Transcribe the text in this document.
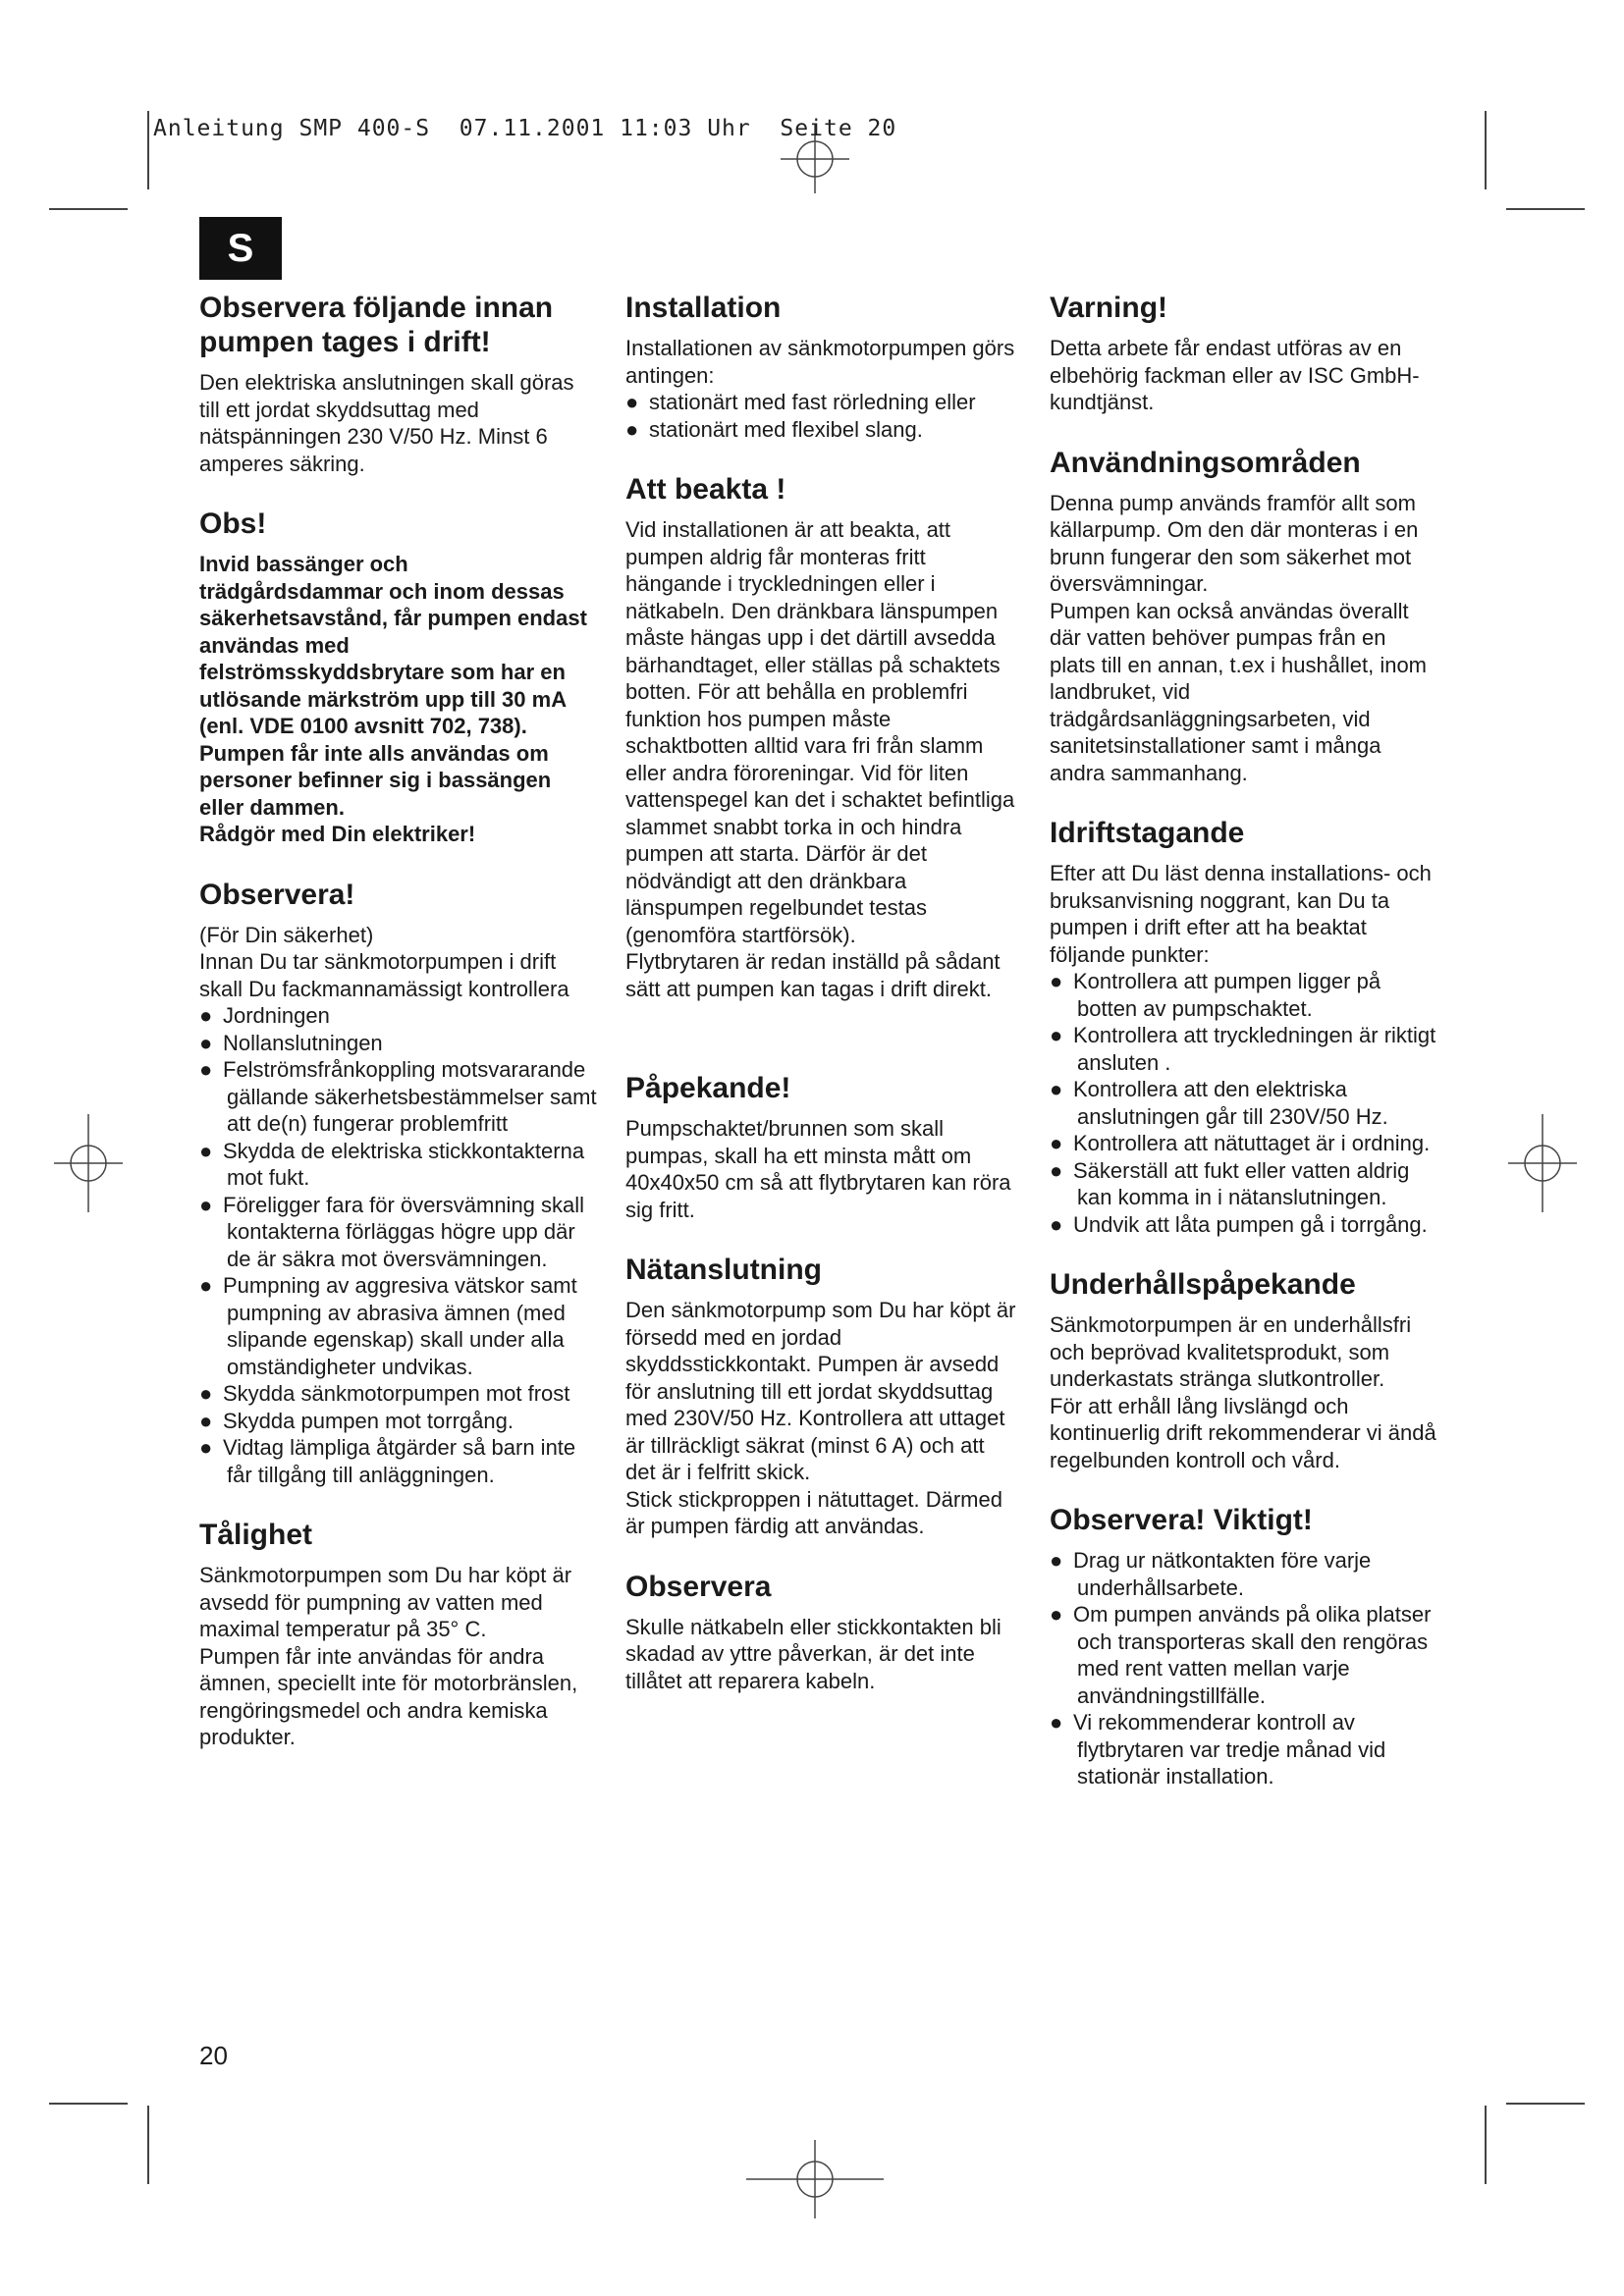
Anleitung SMP 400-S  07.11.2001 11:03 Uhr  Seite 20
S
Observera följande innan pumpen tages i drift!

Den elektriska anslutningen skall göras till ett jordat skyddsuttag med nätspänningen 230 V/50 Hz. Minst 6 amperes säkring.

Obs!

Invid bassänger och trädgårdsdammar och inom dessas säkerhetsavstånd, får pumpen endast användas med felströmsskyddsbrytare som har en utlösande märkström upp till 30 mA (enl. VDE 0100 avsnitt 702, 738). Pumpen får inte alls användas om personer befinner sig i bassängen eller dammen.

Rådgör med Din elektriker!

Observera!

(För Din säkerhet)

Innan Du tar sänkmotorpumpen i drift skall Du fackmannamässigt kontrollera

● Jordningen
● Nollanslutningen
● Felströmsfrånkoppling motsvararande gällande säkerhetsbestämmelser samt att de(n) fungerar problemfritt
● Skydda de elektriska stickkontakterna mot fukt.
● Föreligger fara för översvämning skall kontakterna förläggas högre upp där de är säkra mot översvämningen.
● Pumpning av aggresiva vätskor samt pumpning av abrasiva ämnen (med slipande egenskap) skall under alla omständigheter undvikas.
● Skydda sänkmotorpumpen mot frost
● Skydda pumpen mot torrgång.
● Vidtag lämpliga åtgärder så barn inte får tillgång till anläggningen.
Tålighet

Sänkmotorpumpen som Du har köpt är avsedd för pumpning av vatten med maximal temperatur på 35° C.

Pumpen får inte användas för andra ämnen, speciellt inte för motorbränslen, rengöringsmedel och andra kemiska produkter.

Installation

Installationen av sänkmotorpumpen görs antingen:

● stationärt med fast rörledning eller
● stationärt med flexibel slang.
Att beakta !

Vid installationen är att beakta, att pumpen aldrig får monteras fritt hängande i tryckledningen eller i nätkabeln. Den dränkbara länspumpen måste hängas upp i det därtill avsedda bärhandtaget, eller ställas på schaktets botten. För att behålla en problemfri funktion hos pumpen måste schaktbotten alltid vara fri från slamm eller andra föroreningar. Vid för liten vattenspegel kan det i schaktet befintliga slammet snabbt torka in och hindra pumpen att starta. Därför är det nödvändigt att den dränkbara länspumpen regelbundet testas (genomföra startförsök).

Flytbrytaren är redan inställd på sådant sätt att pumpen kan tagas i drift direkt.

Påpekande!

Pumpschaktet/brunnen som skall pumpas, skall ha ett minsta mått om 40x40x50 cm så att flytbrytaren kan röra sig fritt.

Nätanslutning

Den sänkmotorpump som Du har köpt är försedd med en jordad skyddsstickkontakt. Pumpen är avsedd för anslutning till ett jordat skyddsuttag med 230V/50 Hz. Kontrollera att uttaget är tillräckligt säkrat (minst 6 A) och att det är i felfritt skick.

Stick stickproppen i nätuttaget. Därmed är pumpen färdig att användas.

Observera

Skulle nätkabeln eller stickkontakten bli skadad av yttre påverkan, är det inte tillåtet att reparera kabeln.

Varning!

Detta arbete får endast utföras av en elbehörig fackman eller av ISC GmbH-kundtjänst.

Användningsområden

Denna pump används framför allt som källarpump. Om den där monteras i en brunn fungerar den som säkerhet mot översvämningar.

Pumpen kan också användas överallt där vatten behöver pumpas från en plats till en annan, t.ex i hushållet, inom landbruket, vid trädgårdsanläggningsarbeten, vid sanitetsinstallationer samt i många andra sammanhang.

Idriftstagande

Efter att Du läst denna installations- och bruksanvisning noggrant, kan Du ta pumpen i drift efter att ha beaktat följande punkter:

● Kontrollera att pumpen ligger på botten av pumpschaktet.
● Kontrollera att tryckledningen är riktigt ansluten .
● Kontrollera att den elektriska anslutningen går till 230V/50 Hz.
● Kontrollera att nätuttaget är i ordning.
● Säkerställ att fukt eller vatten aldrig kan komma in i nätanslutningen.
● Undvik att låta pumpen gå i torrgång.
Underhållspåpekande

Sänkmotorpumpen är en underhållsfri och beprövad kvalitetsprodukt, som underkastats stränga slutkontroller.

För att erhåll lång livslängd och kontinuerlig drift rekommenderar vi ändå regelbunden kontroll och vård.

Observera! Viktigt!
● Drag ur nätkontakten före varje underhållsarbete.
● Om pumpen används på olika platser och transporteras skall den rengöras med rent vatten mellan varje användningstillfälle.
● Vi rekommenderar kontroll av flytbrytaren var tredje månad vid stationär installation.
20
